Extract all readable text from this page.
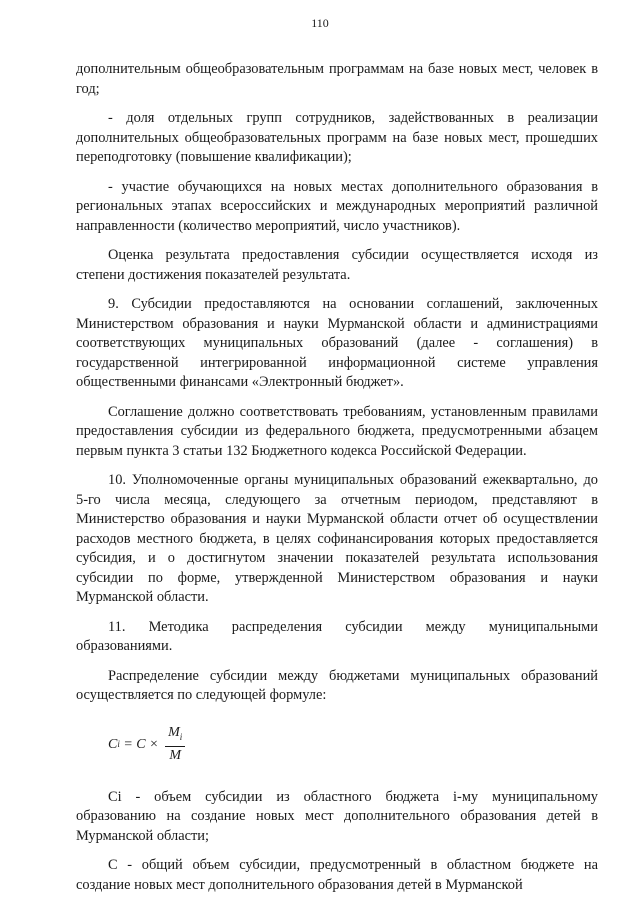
110

дополнительным общеобразовательным программам на базе новых мест, человек в год;

- доля отдельных групп сотрудников, задействованных в реализации дополнительных общеобразовательных программ на базе новых мест, прошедших переподготовку (повышение квалификации);

- участие обучающихся на новых местах дополнительного образования в региональных этапах всероссийских и международных мероприятий различной направленности (количество мероприятий, число участников).

Оценка результата предоставления субсидии осуществляется исходя из степени достижения показателей результата.

9. Субсидии предоставляются на основании соглашений, заключенных Министерством образования и науки Мурманской области и администрациями соответствующих муниципальных образований (далее - соглашения) в государственной интегрированной информационной системе управления общественными финансами «Электронный бюджет».

Соглашение должно соответствовать требованиям, установленным правилами предоставления субсидии из федерального бюджета, предусмотренными абзацем первым пункта 3 статьи 132 Бюджетного кодекса Российской Федерации.

10. Уполномоченные органы муниципальных образований ежеквартально, до 5-го числа месяца, следующего за отчетным периодом, представляют в Министерство образования и науки Мурманской области отчет об осуществлении расходов местного бюджета, в целях софинансирования которых предоставляется субсидия, и о достигнутом значении показателей результата использования субсидии по форме, утвержденной Министерством образования и науки Мурманской области.

11. Методика распределения субсидии между муниципальными образованиями.

Распределение субсидии между бюджетами муниципальных образований осуществляется по следующей формуле:

C $i = C \times \frac{M_i}{M}$

Ci - объем субсидии из областного бюджета i-му муниципальному образованию на создание новых мест дополнительного образования детей в Мурманской области;

C - общий объем субсидии, предусмотренный в областном бюджете на создание новых мест дополнительного образования детей в Мурманской
